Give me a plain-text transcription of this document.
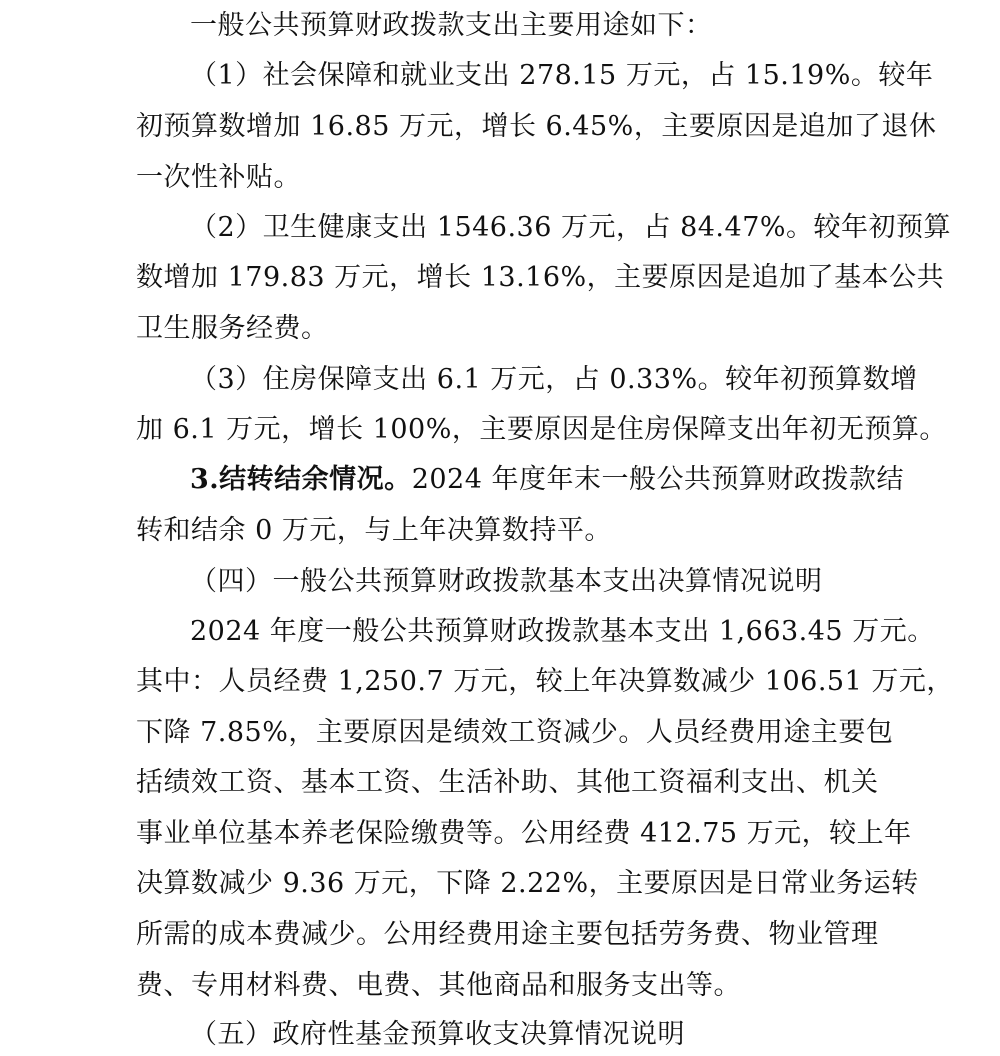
一般公共预算财政拨款支出主要用途如下：
（1）社会保障和就业支出 278.15 万元，占 15.19%。较年
初预算数增加 16.85 万元，增长 6.45%，主要原因是追加了退休
一次性补贴。
（2）卫生健康支出 1546.36 万元，占 84.47%。较年初预算
数增加 179.83 万元，增长 13.16%，主要原因是追加了基本公共
卫生服务经费。
（3）住房保障支出 6.1 万元，占 0.33%。较年初预算数增
加 6.1 万元，增长 100%，主要原因是住房保障支出年初无预算。
3.结转结余情况。2024 年度年末一般公共预算财政拨款结
转和结余 0 万元，与上年决算数持平。
（四）一般公共预算财政拨款基本支出决算情况说明
2024 年度一般公共预算财政拨款基本支出 1,663.45 万元。
其中：人员经费 1,250.7 万元，较上年决算数减少 106.51 万元，
下降 7.85%，主要原因是绩效工资减少。人员经费用途主要包
括绩效工资、基本工资、生活补助、其他工资福利支出、机关
事业单位基本养老保险缴费等。公用经费 412.75 万元，较上年
决算数减少 9.36 万元，下降 2.22%，主要原因是日常业务运转
所需的成本费减少。公用经费用途主要包括劳务费、物业管理
费、专用材料费、电费、其他商品和服务支出等。
（五）政府性基金预算收支决算情况说明
